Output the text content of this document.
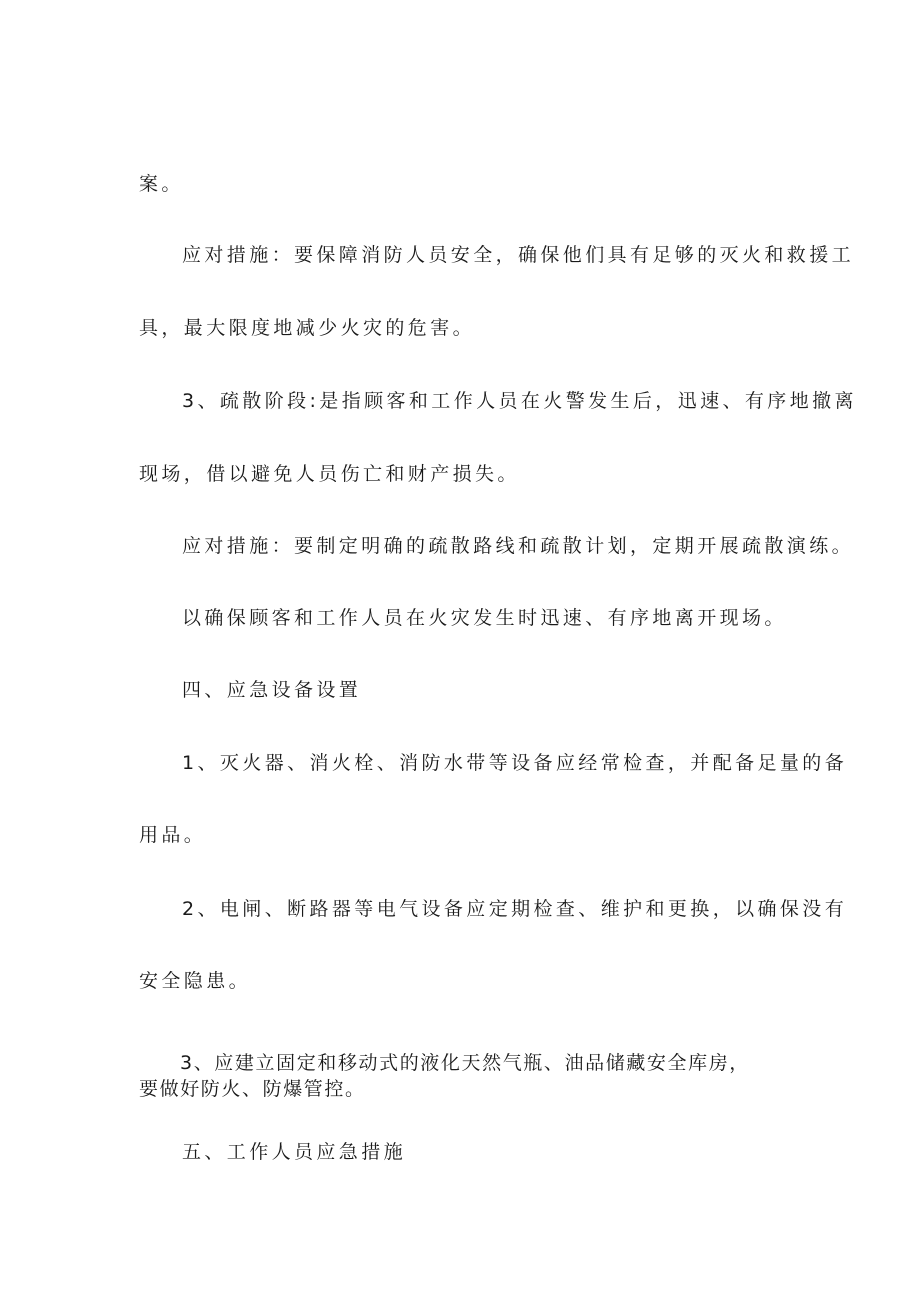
案。

应对措施：要保障消防人员安全，确保他们具有足够的灭火和救援工

具，最大限度地减少火灾的危害。

3、疏散阶段:是指顾客和工作人员在火警发生后，迅速、有序地撤离

现场，借以避免人员伤亡和财产损失。

应对措施：要制定明确的疏散路线和疏散计划，定期开展疏散演练。

以确保顾客和工作人员在火灾发生时迅速、有序地离开现场。

四、应急设备设置

1、灭火器、消火栓、消防水带等设备应经常检查，并配备足量的备

用品。

2、电闸、断路器等电气设备应定期检查、维护和更换，以确保没有

安全隐患。

3、应建立固定和移动式的液化天然气瓶、油品储藏安全库房，

要做好防火、防爆管控。

五、工作人员应急措施
